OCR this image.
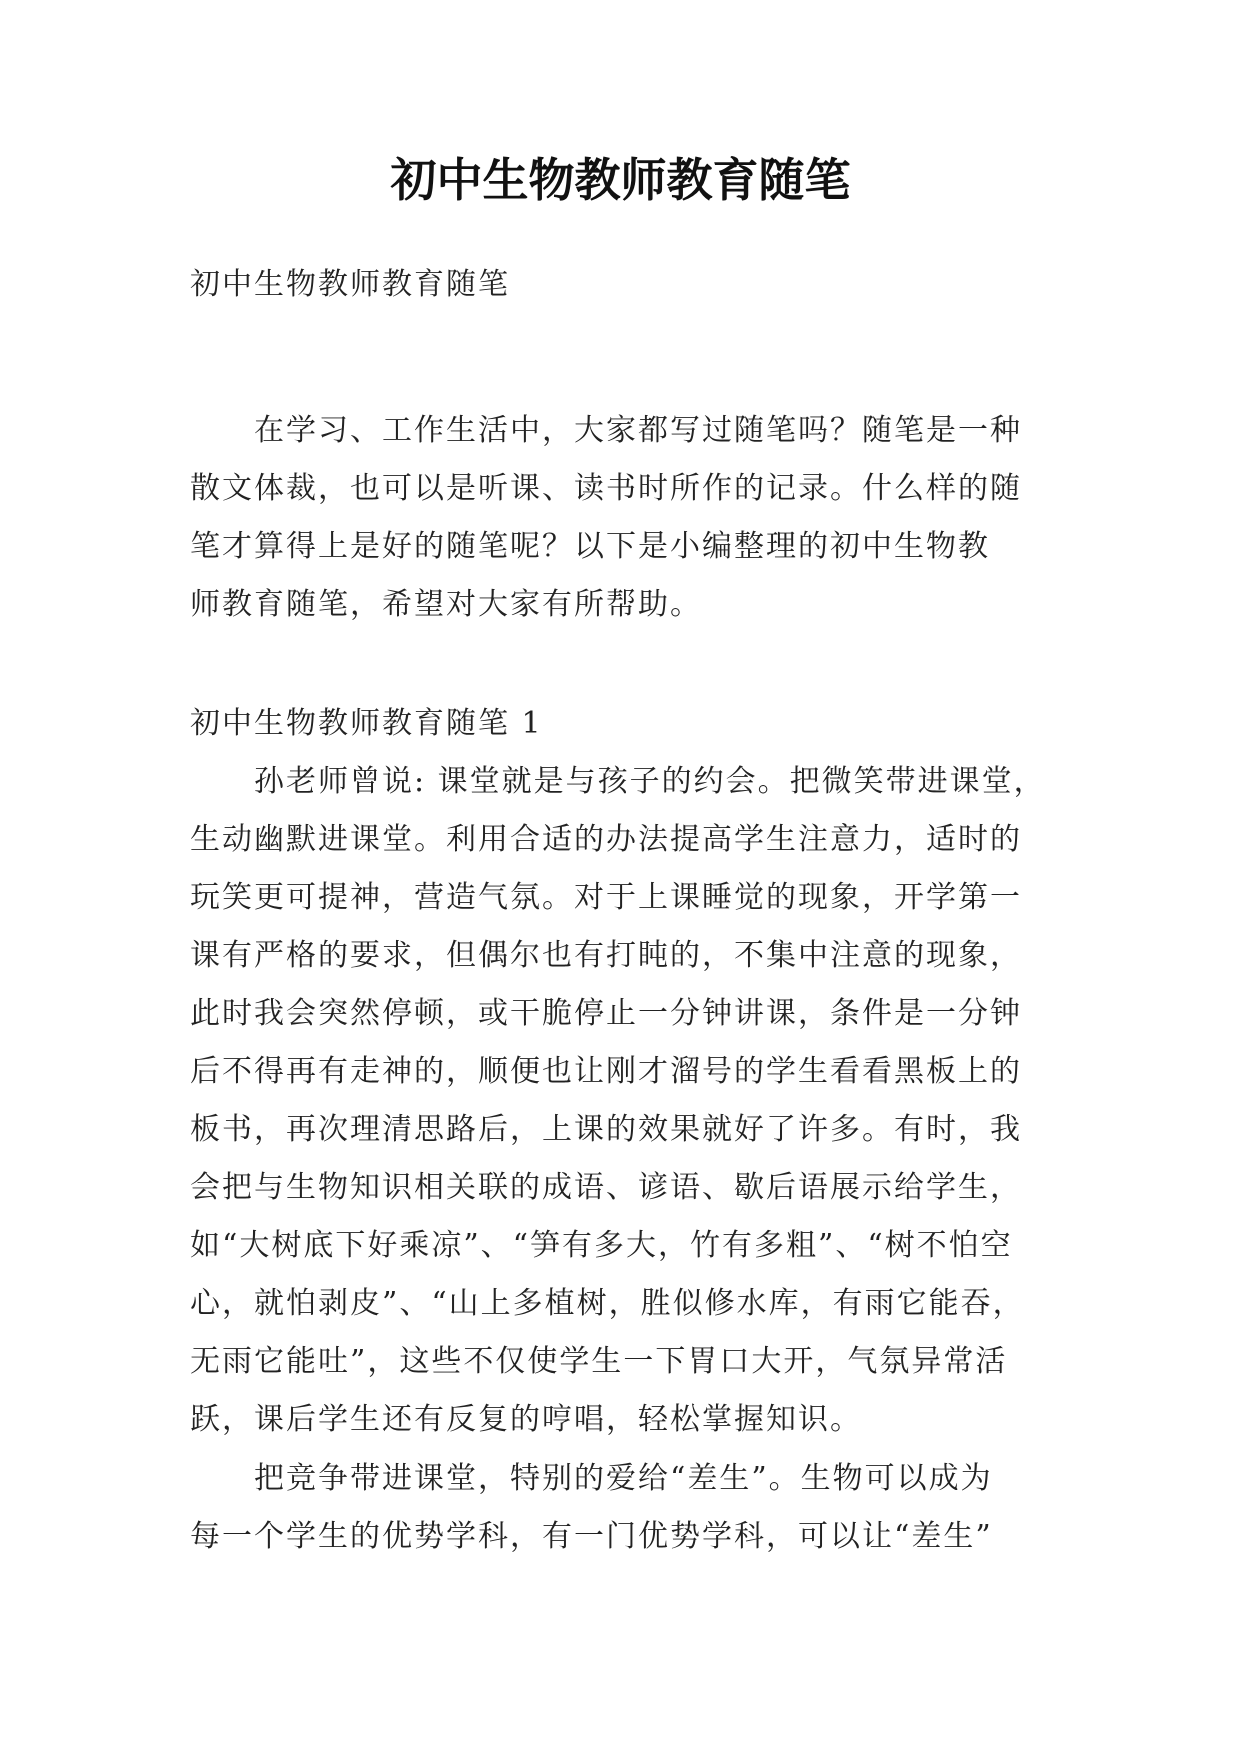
初中生物教师教育随笔
初中生物教师教育随笔
在学习、工作生活中，大家都写过随笔吗？随笔是一种
散文体裁，也可以是听课、读书时所作的记录。什么样的随
笔才算得上是好的随笔呢？以下是小编整理的初中生物教
师教育随笔，希望对大家有所帮助。
初中生物教师教育随笔 1
孙老师曾说: 课堂就是与孩子的约会。把微笑带进课堂，
生动幽默进课堂。利用合适的办法提高学生注意力，适时的
玩笑更可提神，营造气氛。对于上课睡觉的现象，开学第一
课有严格的要求，但偶尔也有打盹的，不集中注意的现象，
此时我会突然停顿，或干脆停止一分钟讲课，条件是一分钟
后不得再有走神的，顺便也让刚才溜号的学生看看黑板上的
板书，再次理清思路后，上课的效果就好了许多。有时，我
会把与生物知识相关联的成语、谚语、歇后语展示给学生，
如“大树底下好乘凉”、“笋有多大，竹有多粗”、“树不怕空
心，就怕剥皮”、“山上多植树，胜似修水库，有雨它能吞，
无雨它能吐”，这些不仅使学生一下胃口大开，气氛异常活
跃，课后学生还有反复的哼唱，轻松掌握知识。
把竞争带进课堂，特别的爱给“差生”。生物可以成为
每一个学生的优势学科，有一门优势学科，可以让“差生”
